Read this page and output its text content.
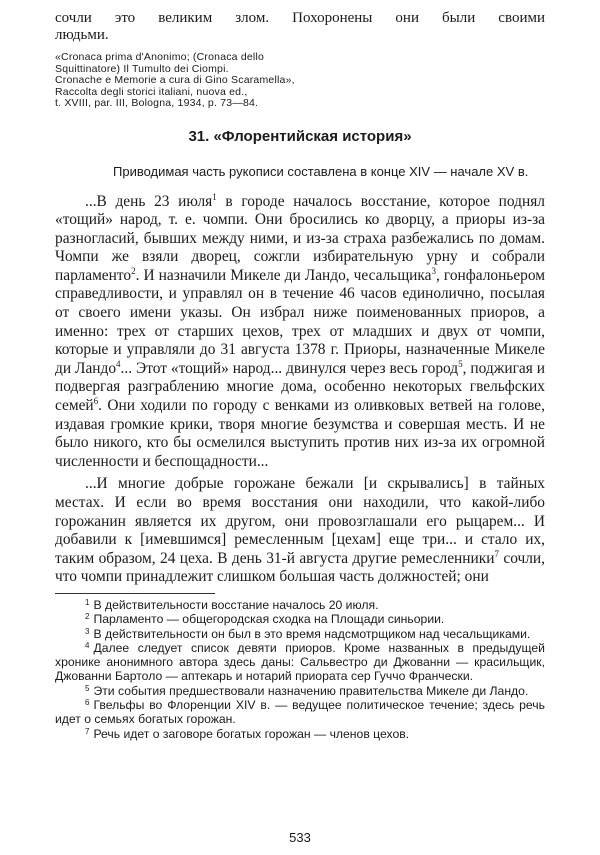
сочли это великим злом. Похоронены они были своими
людьми.
«Cronaca prima d'Anonimo; (Cronaca dello
Squittinatore) Il Tumulto dei Ciompi.
Cronache e Memorie a cura di Gino Scaramella»,
Raccolta degli storici italiani, nuova ed.,
t. XVIII, par. III, Bologna, 1934, p. 73—84.
31. «Флорентийская история»
Приводимая часть рукописи составлена в конце XIV — начале XV в.

...В день 23 июля$^1$ в городе началось восстание, которое поднял «тощий» народ, т. е. чомпи. Они бросились ко дворцу, а приоры из-за разногласий, бывших между ними, и из-за страха разбежались по домам. Чомпи же взяли дворец, сожгли избирательную урну и собрали парламенто$^2$. И назначили Микеле ди Ландо, чесальщика$^3$, гонфалоньером справедливости, и управлял он в течение 46 часов единолично, посылая от своего имени указы. Он избрал ниже поименованных приоров, а именно: трех от старших цехов, трех от младших и двух от чомпи, которые и управляли до 31 августа 1378 г. Приоры, назначенные Микеле ди Ландо$^4$... Этот «тощий» народ... двинулся через весь город$^5$, поджигая и подвергая разграблению многие дома, особенно некоторых гвельфских семей$^6$. Они ходили по городу с венками из оливковых ветвей на голове, издавая громкие крики, творя многие безумства и совершая месть. И не было никого, кто бы осмелился выступить против них из-за их огромной численности и беспощадности...

...И многие добрые горожане бежали [и скрывались] в тайных местах. И если во время восстания они находили, что какой-либо горожанин является их другом, они провозглашали его рыцарем... И добавили к [имевшимся] ремесленным [цехам] еще три... и стало их, таким образом, 24 цеха. В день 31-й августа другие ремесленники$^7$ сочли, что чомпи принадлежит слишком большая часть должностей; они

$^1$ В действительности восстание началось 20 июля.

$^2$ Парламенто — общегородская сходка на Площади синьории.

$^3$ В действительности он был в это время надсмотрщиком над чесальщиками.

$^4$ Далее следует список девяти приоров. Кроме названных в предыдущей хронике анонимного автора здесь даны: Сальвестро ди Джованни — красильщик, Джованни Бартоло — аптекарь и нотарий приората сер Гуччо Франчески.

$^5$ Эти события предшествовали назначению правительства Микеле ди Ландо.

$^6$ Гвельфы во Флоренции XIV в. — ведущее политическое течение; здесь речь идет о семьях богатых горожан.

$^7$ Речь идет о заговоре богатых горожан — членов цехов.

533
